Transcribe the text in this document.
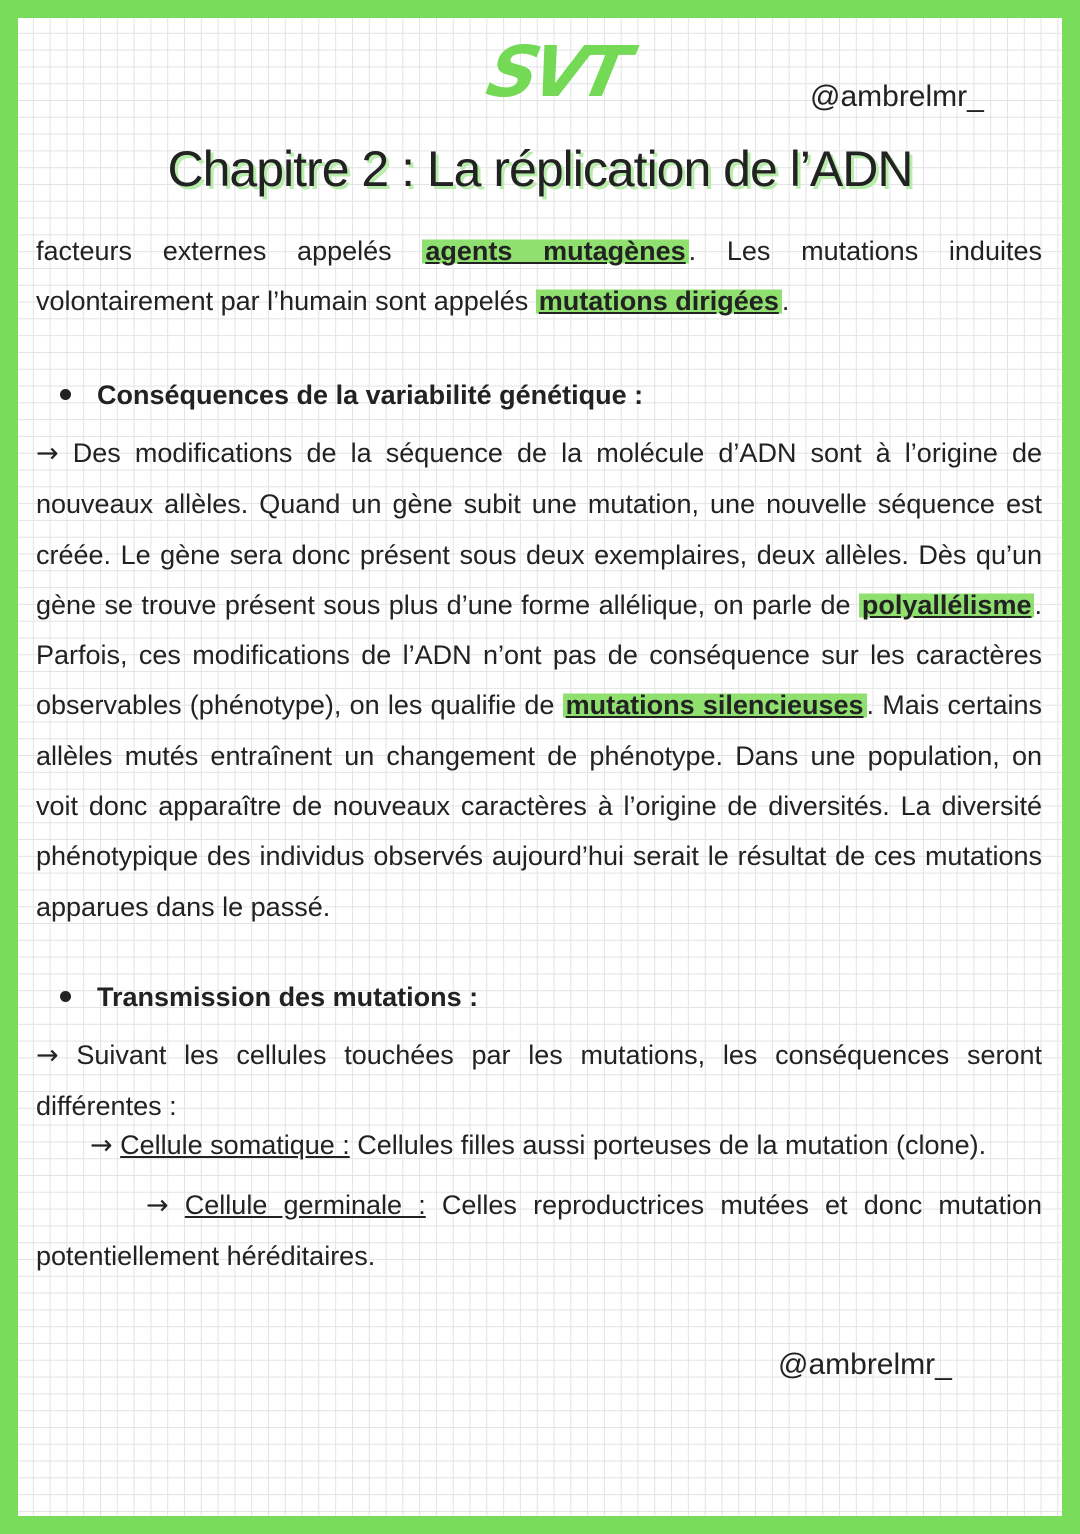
SVT	@ambrelmr_
Chapitre 2 : La réplication de l’ADN

facteurs externes appelés agents mutagènes . Les mutations induites volontairement par l’humain sont appelés mutations dirigées .

Conséquences de la variabilité génétique :

→ Des modifications de la séquence de la molécule d’ADN sont à l’origine de nouveaux allèles. Quand un gène subit une mutation, une nouvelle séquence est créée. Le gène sera donc présent sous deux exemplaires, deux allèles. Dès qu’un gène se trouve présent sous plus d’une forme allélique, on parle de polyallélisme . Parfois, ces modifications de l’ADN n’ont pas de conséquence sur les caractères observables (phénotype), on les qualifie de mutations silencieuses . Mais certains allèles mutés entraînent un changement de phénotype. Dans une population, on voit donc apparaître de nouveaux caractères à l’origine de diversités. La diversité phénotypique des individus observés aujourd’hui serait le résultat de ces mutations apparues dans le passé.

Transmission des mutations :

→ Suivant les cellules touchées par les mutations, les conséquences seront différentes :

→ Cellule somatique : Cellules filles aussi porteuses de la mutation (clone).

→ Cellule germinale : Celles reproductrices mutées et donc mutation potentiellement héréditaires.

@ambrelmr_
